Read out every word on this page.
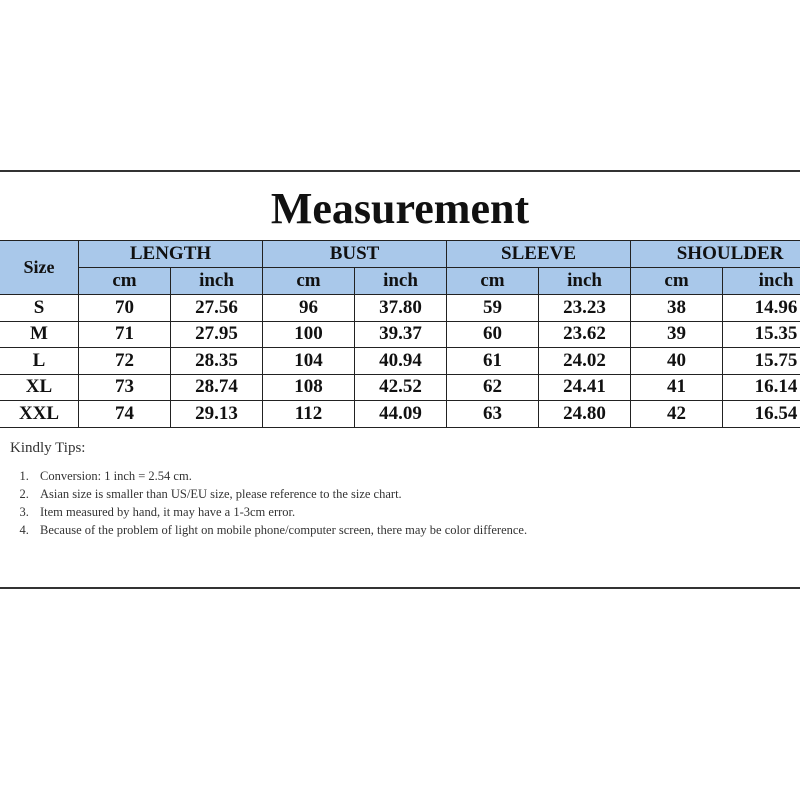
Measurement
Size	LENGTH		BUST		SLEEVE		SHOULDER	
	cm	inch	cm	inch	cm	inch	cm	inch
S	70	27.56	96	37.80	59	23.23	38	14.96
M	71	27.95	100	39.37	60	23.62	39	15.35
L	72	28.35	104	40.94	61	24.02	40	15.75
XL	73	28.74	108	42.52	62	24.41	41	16.14
XXL	74	29.13	112	44.09	63	24.80	42	16.54
Kindly Tips:
1. Conversion: 1 inch = 2.54 cm.
2. Asian size is smaller than US/EU size, please reference to the size chart.
3. Item measured by hand, it may have a 1-3cm error.
4. Because of the problem of light on mobile phone/computer screen, there may be color difference.
